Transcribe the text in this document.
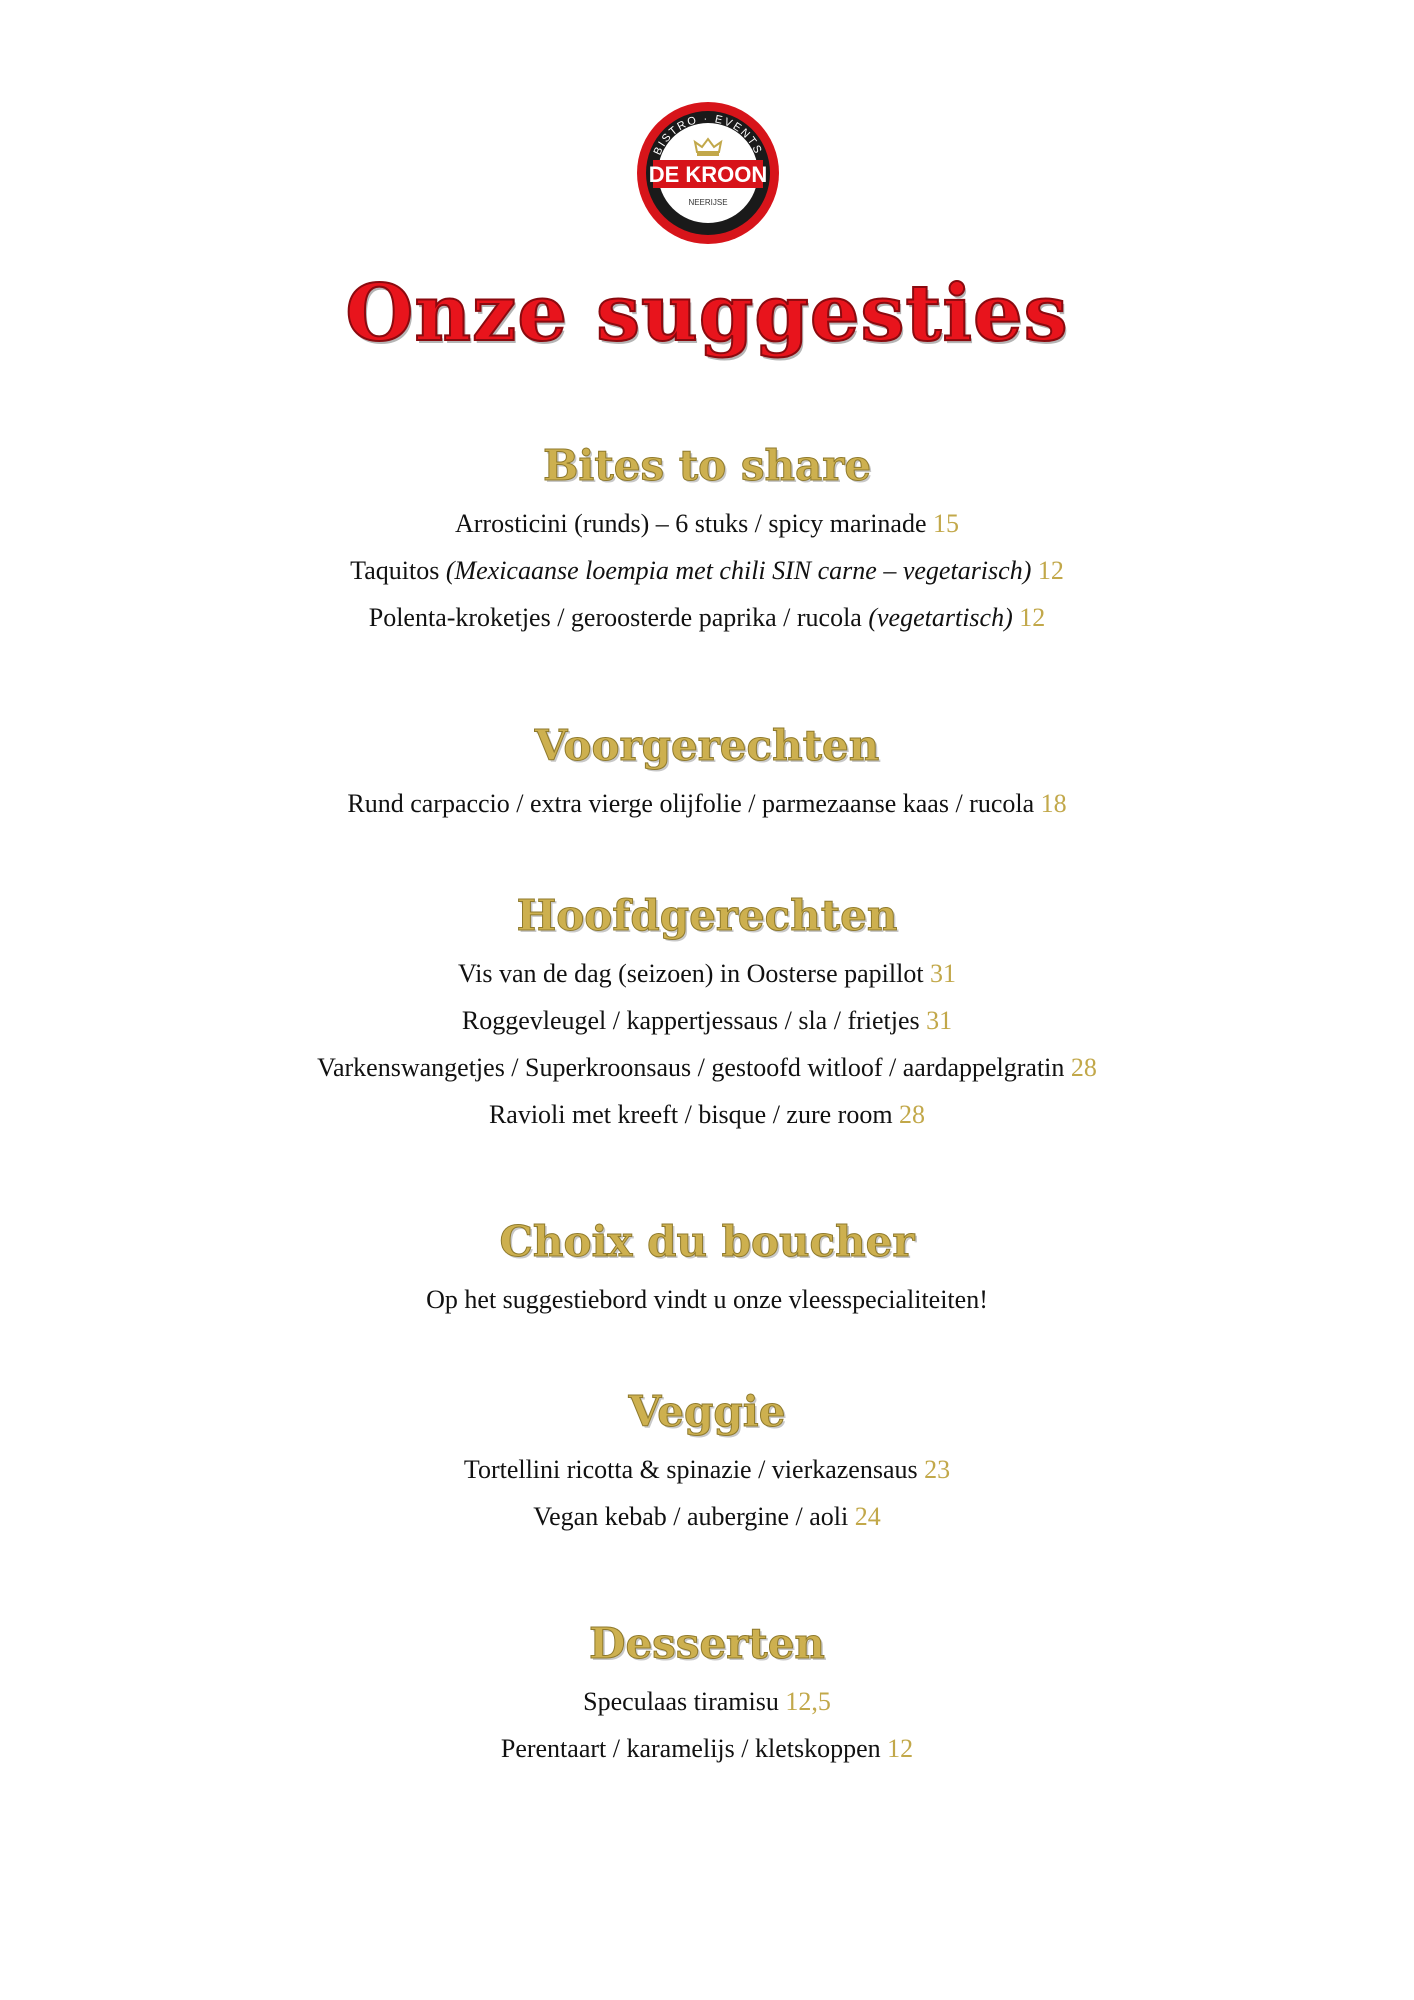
BISTRO · EVENTS
DE KROON
NEERIJSE
Onze suggesties
Bites to share
Arrosticini (runds) – 6 stuks / spicy marinade 15
Taquitos (Mexicaanse loempia met chili SIN carne – vegetarisch) 12
Polenta-kroketjes / geroosterde paprika / rucola (vegetartisch) 12
Voorgerechten
Rund carpaccio / extra vierge olijfolie / parmezaanse kaas / rucola 18
Hoofdgerechten
Vis van de dag (seizoen) in Oosterse papillot 31
Roggevleugel / kappertjessaus / sla / frietjes 31
Varkenswangetjes / Superkroonsaus / gestoofd witloof / aardappelgratin 28
Ravioli met kreeft / bisque / zure room 28
Choix du boucher
Op het suggestiebord vindt u onze vleesspecialiteiten!
Veggie
Tortellini ricotta & spinazie / vierkazensaus 23
Vegan kebab / aubergine / aoli 24
Desserten
Speculaas tiramisu 12,5
Perentaart / karamelijs / kletskoppen 12
